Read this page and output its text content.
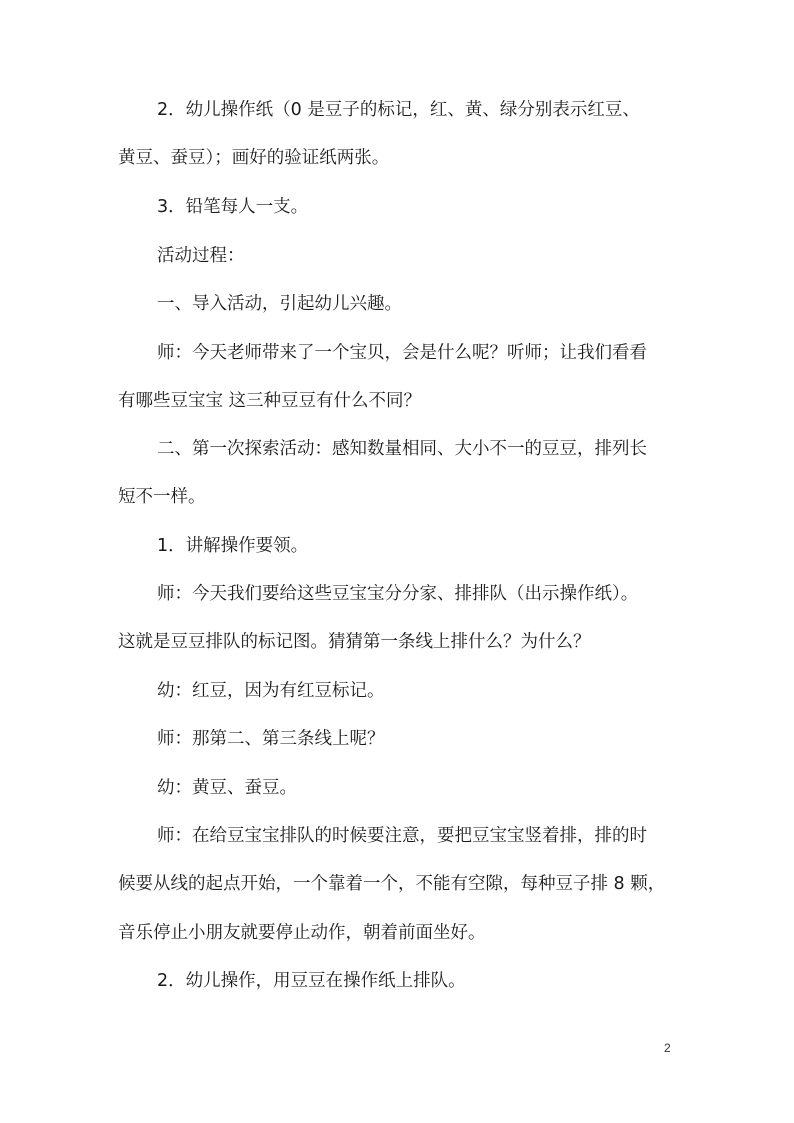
2．幼儿操作纸（0 是豆子的标记，红、黄、绿分别表示红豆、
黄豆、蚕豆）；画好的验证纸两张。
3．铅笔每人一支。
活动过程：
一、导入活动，引起幼儿兴趣。
师：今天老师带来了一个宝贝，会是什么呢？听师；让我们看看
有哪些豆宝宝 这三种豆豆有什么不同？
二、第一次探索活动：感知数量相同、大小不一的豆豆，排列长
短不一样。
1．讲解操作要领。
师：今天我们要给这些豆宝宝分分家、排排队（出示操作纸）。
这就是豆豆排队的标记图。猜猜第一条线上排什么？为什么？
幼：红豆，因为有红豆标记。
师：那第二、第三条线上呢？
幼：黄豆、蚕豆。
师：在给豆宝宝排队的时候要注意，要把豆宝宝竖着排，排的时
候要从线的起点开始，一个靠着一个，不能有空隙，每种豆子排 8 颗，
音乐停止小朋友就要停止动作，朝着前面坐好。
2．幼儿操作，用豆豆在操作纸上排队。
2
